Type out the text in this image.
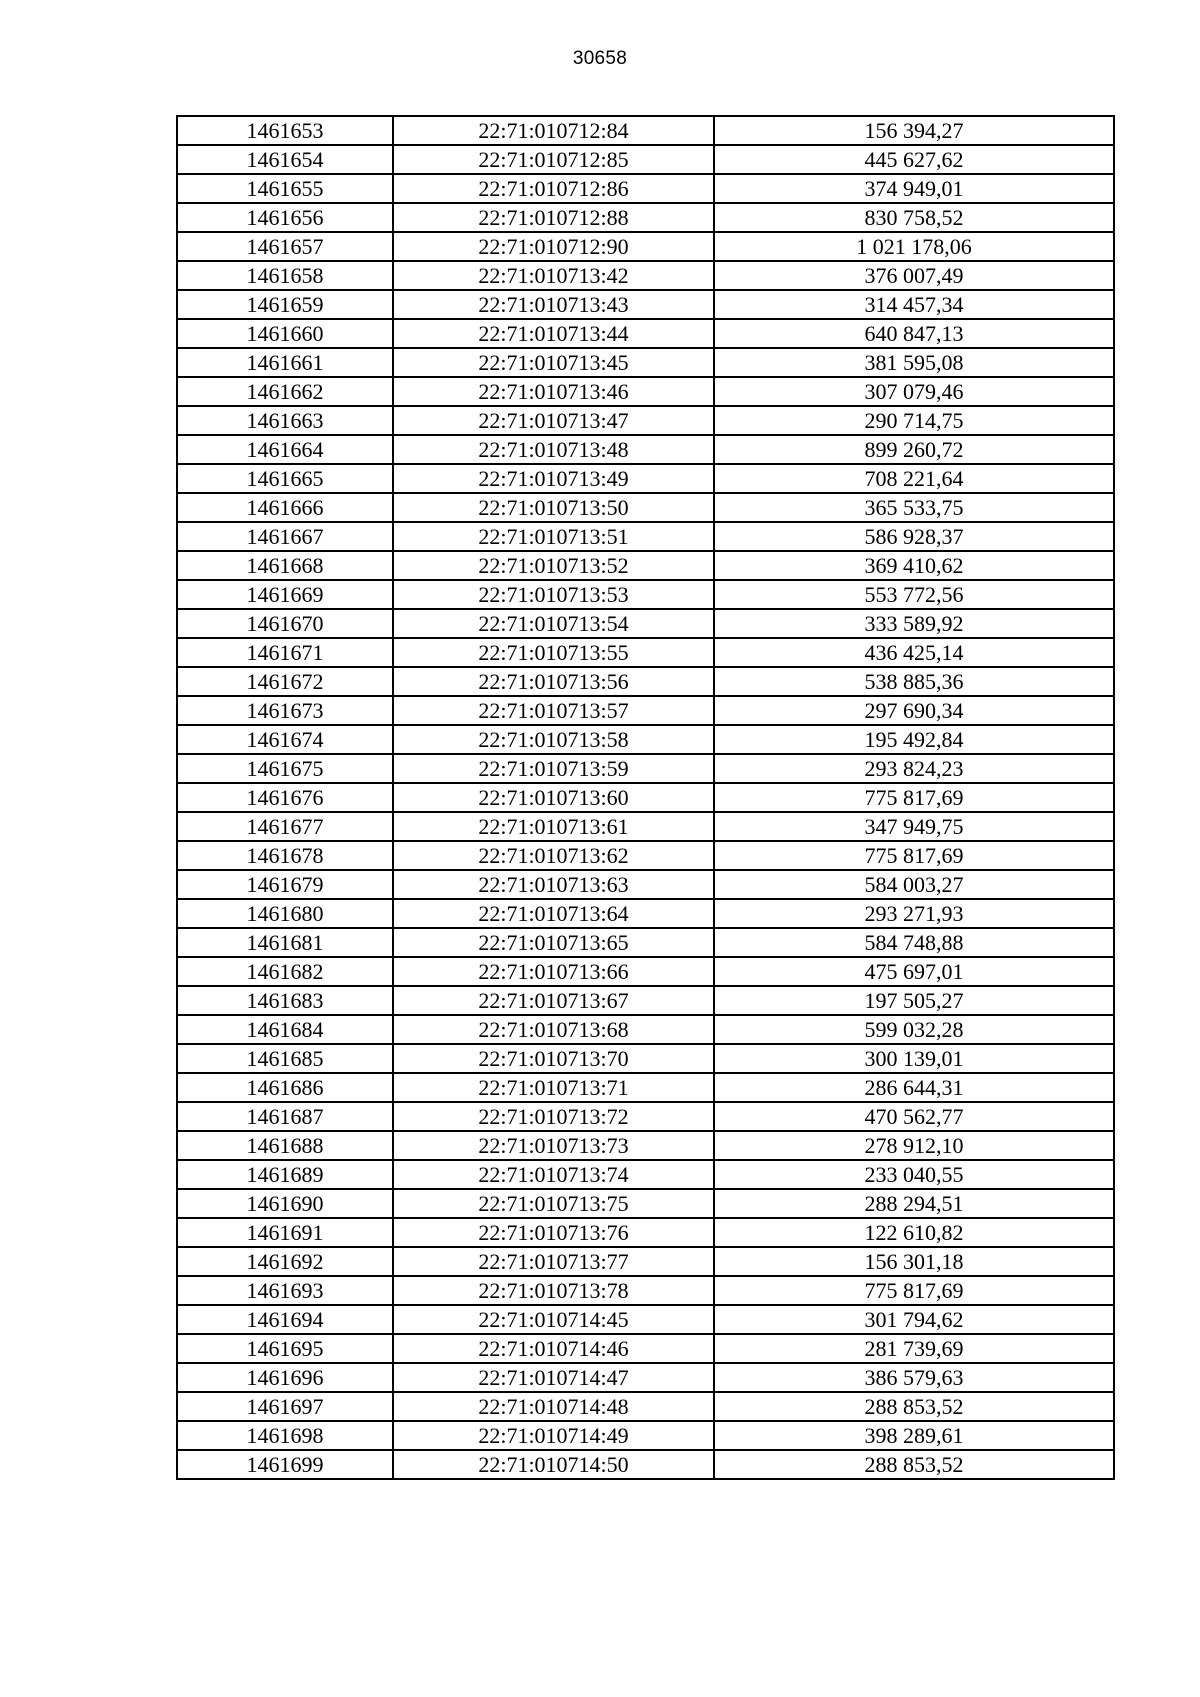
30658
1461653	22:71:010712:84	156 394,27
1461654	22:71:010712:85	445 627,62
1461655	22:71:010712:86	374 949,01
1461656	22:71:010712:88	830 758,52
1461657	22:71:010712:90	1 021 178,06
1461658	22:71:010713:42	376 007,49
1461659	22:71:010713:43	314 457,34
1461660	22:71:010713:44	640 847,13
1461661	22:71:010713:45	381 595,08
1461662	22:71:010713:46	307 079,46
1461663	22:71:010713:47	290 714,75
1461664	22:71:010713:48	899 260,72
1461665	22:71:010713:49	708 221,64
1461666	22:71:010713:50	365 533,75
1461667	22:71:010713:51	586 928,37
1461668	22:71:010713:52	369 410,62
1461669	22:71:010713:53	553 772,56
1461670	22:71:010713:54	333 589,92
1461671	22:71:010713:55	436 425,14
1461672	22:71:010713:56	538 885,36
1461673	22:71:010713:57	297 690,34
1461674	22:71:010713:58	195 492,84
1461675	22:71:010713:59	293 824,23
1461676	22:71:010713:60	775 817,69
1461677	22:71:010713:61	347 949,75
1461678	22:71:010713:62	775 817,69
1461679	22:71:010713:63	584 003,27
1461680	22:71:010713:64	293 271,93
1461681	22:71:010713:65	584 748,88
1461682	22:71:010713:66	475 697,01
1461683	22:71:010713:67	197 505,27
1461684	22:71:010713:68	599 032,28
1461685	22:71:010713:70	300 139,01
1461686	22:71:010713:71	286 644,31
1461687	22:71:010713:72	470 562,77
1461688	22:71:010713:73	278 912,10
1461689	22:71:010713:74	233 040,55
1461690	22:71:010713:75	288 294,51
1461691	22:71:010713:76	122 610,82
1461692	22:71:010713:77	156 301,18
1461693	22:71:010713:78	775 817,69
1461694	22:71:010714:45	301 794,62
1461695	22:71:010714:46	281 739,69
1461696	22:71:010714:47	386 579,63
1461697	22:71:010714:48	288 853,52
1461698	22:71:010714:49	398 289,61
1461699	22:71:010714:50	288 853,52
